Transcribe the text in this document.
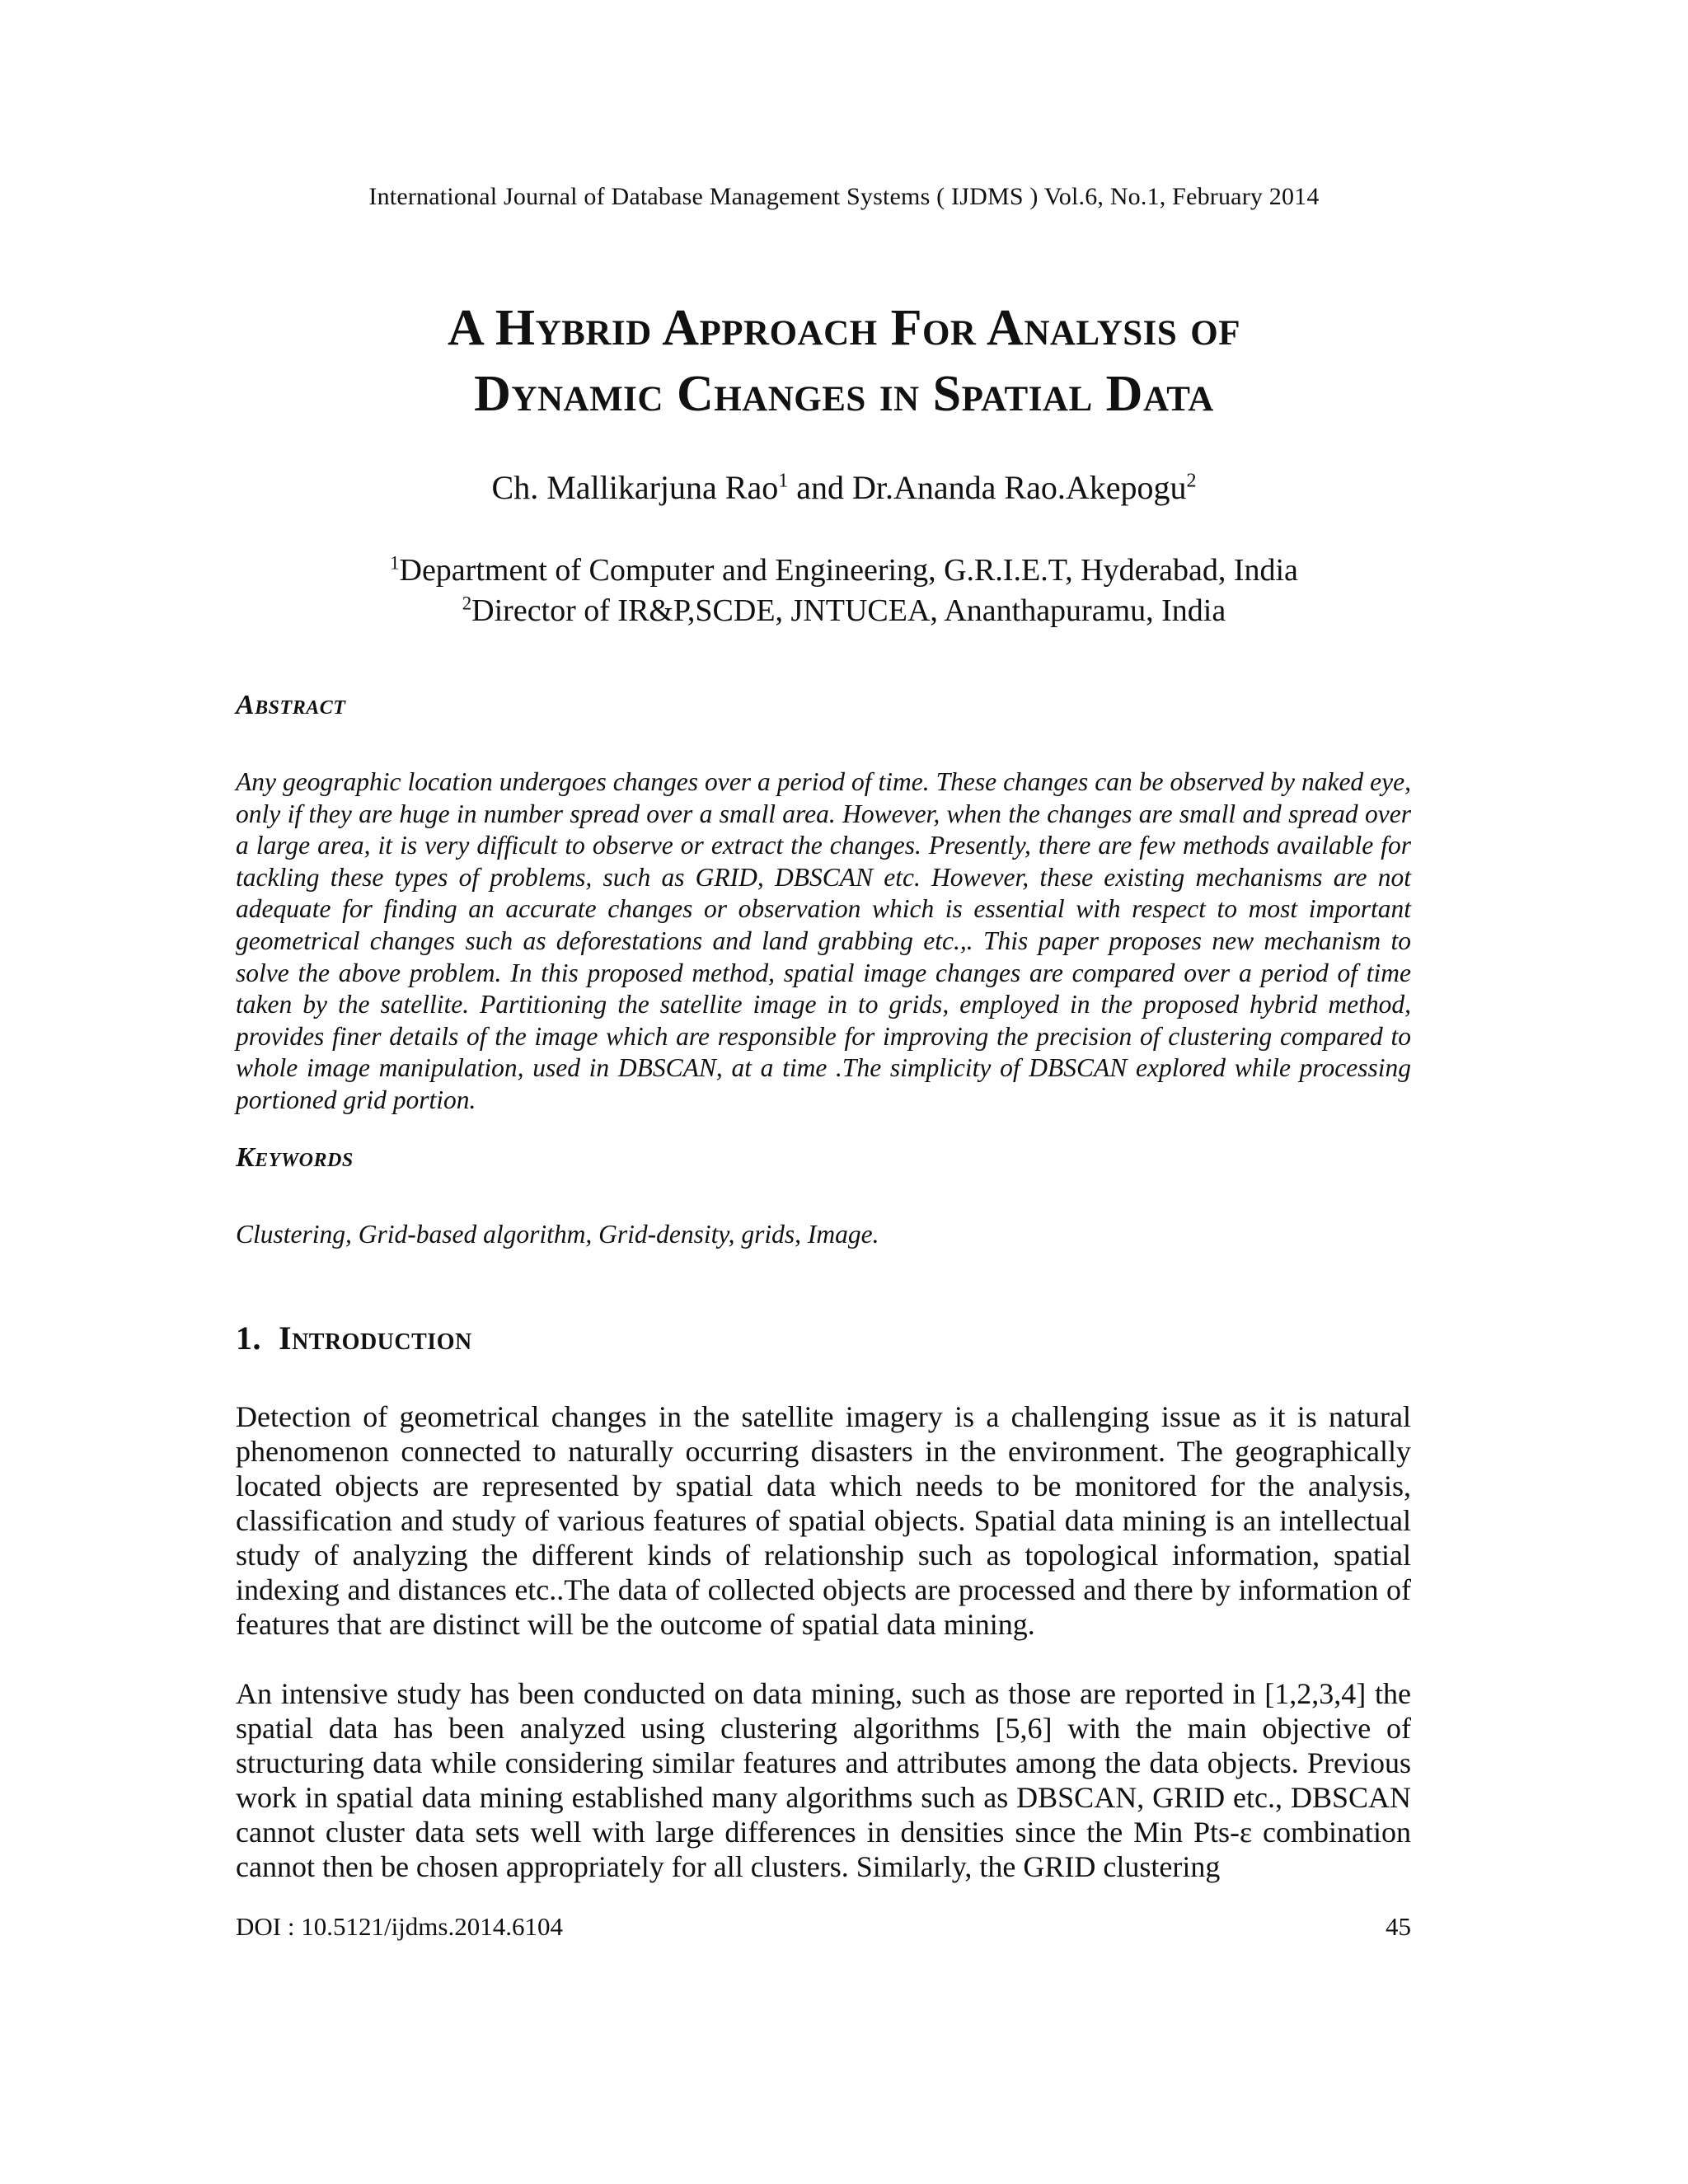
International Journal of Database Management Systems ( IJDMS ) Vol.6, No.1, February 2014
A Hybrid Approach For Analysis of
Dynamic Changes in Spatial Data
Ch. Mallikarjuna Rao$^1$ and Dr.Ananda Rao.Akepogu$^2$
$^1$Department of Computer and Engineering, G.R.I.E.T, Hyderabad, India
$^2$Director of IR&P,SCDE, JNTUCEA, Ananthapuramu, India
Abstract
Any geographic location undergoes changes over a period of time. These changes can be observed by naked eye, only if they are huge in number spread over a small area. However, when the changes are small and spread over a large area, it is very difficult to observe or extract the changes. Presently, there are few methods available for tackling these types of problems, such as GRID, DBSCAN etc. However, these existing mechanisms are not adequate for finding an accurate changes or observation which is essential with respect to most important geometrical changes such as deforestations and land grabbing etc.,. This paper proposes new mechanism to solve the above problem. In this proposed method, spatial image changes are compared over a period of time taken by the satellite. Partitioning the satellite image in to grids, employed in the proposed hybrid method, provides finer details of the image which are responsible for improving the precision of clustering compared to whole image manipulation, used in DBSCAN, at a time .The simplicity of DBSCAN explored while processing portioned grid portion.
Keywords
Clustering, Grid-based algorithm, Grid-density, grids, Image.
1.  Introduction
Detection of geometrical changes in the satellite imagery is a challenging issue as it is natural phenomenon connected to naturally occurring disasters in the environment. The geographically located objects are represented by spatial data which needs to be monitored for the analysis, classification and study of various features of spatial objects. Spatial data mining is an intellectual study of analyzing the different kinds of relationship such as topological information, spatial indexing and distances etc..The data of collected objects are processed and there by information of features that are distinct will be the outcome of spatial data mining.
An intensive study has been conducted on data mining, such as those are reported in [1,2,3,4] the spatial data has been analyzed using clustering algorithms [5,6] with the main objective of structuring data while considering similar features and attributes among the data objects. Previous work in spatial data mining established many algorithms such as DBSCAN, GRID etc., DBSCAN cannot cluster data sets well with large differences in densities since the Min Pts-ε combination cannot then be chosen appropriately for all clusters. Similarly, the GRID clustering
DOI : 10.5121/ijdms.2014.6104	45
